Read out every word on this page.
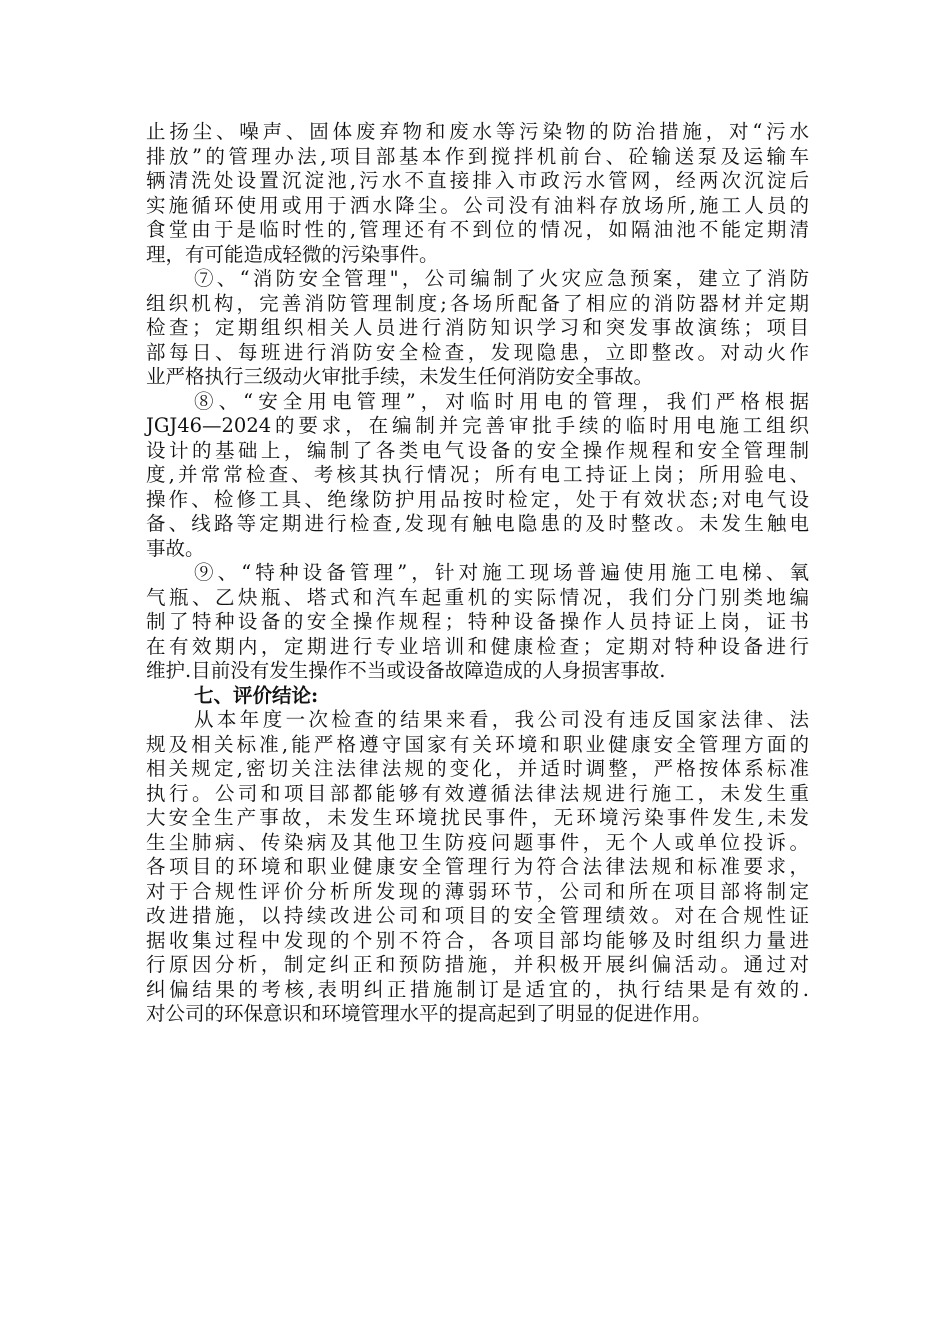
止扬尘、噪声、固体废弃物和废水等污染物的防治措施，对“污水
排放”的管理办法,项目部基本作到搅拌机前台、砼输送泵及运输车
辆清洗处设置沉淀池,污水不直接排入市政污水管网，经两次沉淀后
实施循环使用或用于洒水降尘。公司没有油料存放场所,施工人员的
食堂由于是临时性的,管理还有不到位的情况，如隔油池不能定期清
理，有可能造成轻微的污染事件。
⑦、“消防安全管理"，公司编制了火灾应急预案，建立了消防
组织机构，完善消防管理制度;各场所配备了相应的消防器材并定期
检查；定期组织相关人员进行消防知识学习和突发事故演练；项目
部每日、每班进行消防安全检查，发现隐患，立即整改。对动火作
业严格执行三级动火审批手续，未发生任何消防安全事故。
⑧、“安全用电管理”，对临时用电的管理，我们严格根据
JGJ46—2024的要求，在编制并完善审批手续的临时用电施工组织
设计的基础上，编制了各类电气设备的安全操作规程和安全管理制
度,并常常检查、考核其执行情况；所有电工持证上岗；所用验电、
操作、检修工具、绝缘防护用品按时检定，处于有效状态;对电气设
备、线路等定期进行检查,发现有触电隐患的及时整改。未发生触电
事故。
⑨、“特种设备管理”，针对施工现场普遍使用施工电梯、氧
气瓶、乙炔瓶、塔式和汽车起重机的实际情况，我们分门别类地编
制了特种设备的安全操作规程；特种设备操作人员持证上岗，证书
在有效期内，定期进行专业培训和健康检查；定期对特种设备进行
维护.目前没有发生操作不当或设备故障造成的人身损害事故.
七、评价结论:
从本年度一次检查的结果来看，我公司没有违反国家法律、法
规及相关标准,能严格遵守国家有关环境和职业健康安全管理方面的
相关规定,密切关注法律法规的变化，并适时调整，严格按体系标准
执行。公司和项目部都能够有效遵循法律法规进行施工，未发生重
大安全生产事故，未发生环境扰民事件，无环境污染事件发生,未发
生尘肺病、传染病及其他卫生防疫问题事件，无个人或单位投诉。
各项目的环境和职业健康安全管理行为符合法律法规和标准要求，
对于合规性评价分析所发现的薄弱环节，公司和所在项目部将制定
改进措施，以持续改进公司和项目的安全管理绩效。对在合规性证
据收集过程中发现的个别不符合，各项目部均能够及时组织力量进
行原因分析，制定纠正和预防措施，并积极开展纠偏活动。通过对
纠偏结果的考核,表明纠正措施制订是适宜的，执行结果是有效的.
对公司的环保意识和环境管理水平的提高起到了明显的促进作用。
